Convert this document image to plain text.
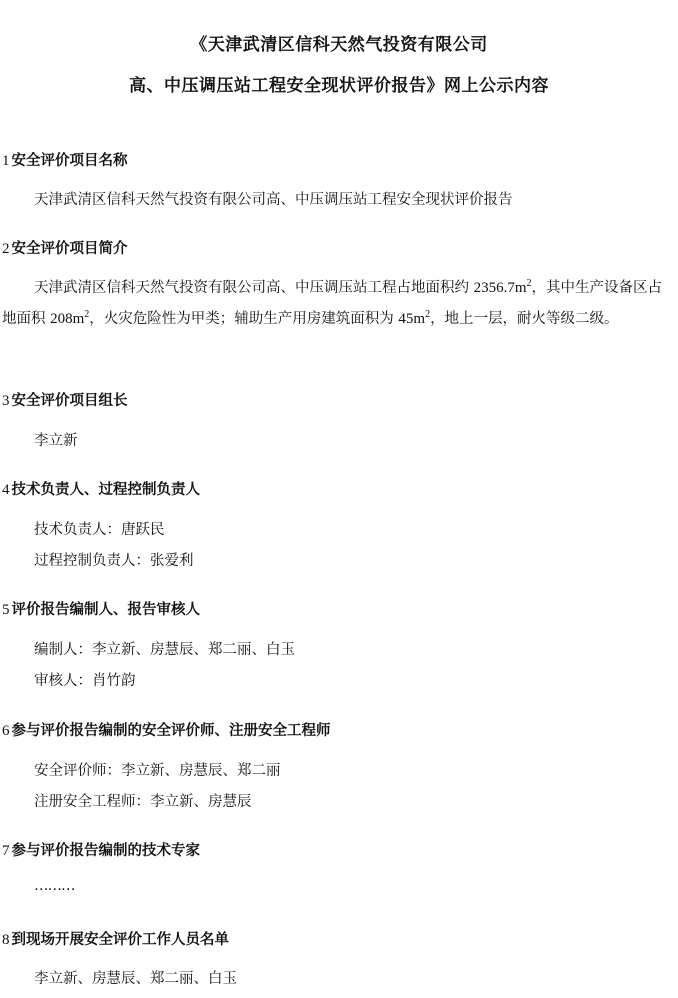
《天津武清区信科天然气投资有限公司
高、中压调压站工程安全现状评价报告》网上公示内容
1 安全评价项目名称
天津武清区信科天然气投资有限公司高、中压调压站工程安全现状评价报告
2 安全评价项目简介
天津武清区信科天然气投资有限公司高、中压调压站工程占地面积约 $2356.7m^2$，其中生产设备区占地面积 $208m^2$，火灾危险性为甲类；辅助生产用房建筑面积为 $45m^2$，地上一层，耐火等级二级。
3 安全评价项目组长
李立新
4 技术负责人、过程控制负责人
技术负责人：唐跃民
过程控制负责人：张爱利
5 评价报告编制人、报告审核人
编制人：李立新、房慧辰、郑二丽、白玉
审核人：肖竹韵
6 参与评价报告编制的安全评价师、注册安全工程师
安全评价师：李立新、房慧辰、郑二丽
注册安全工程师：李立新、房慧辰
7 参与评价报告编制的技术专家
………
8 到现场开展安全评价工作人员名单
李立新、房慧辰、郑二丽、白玉
